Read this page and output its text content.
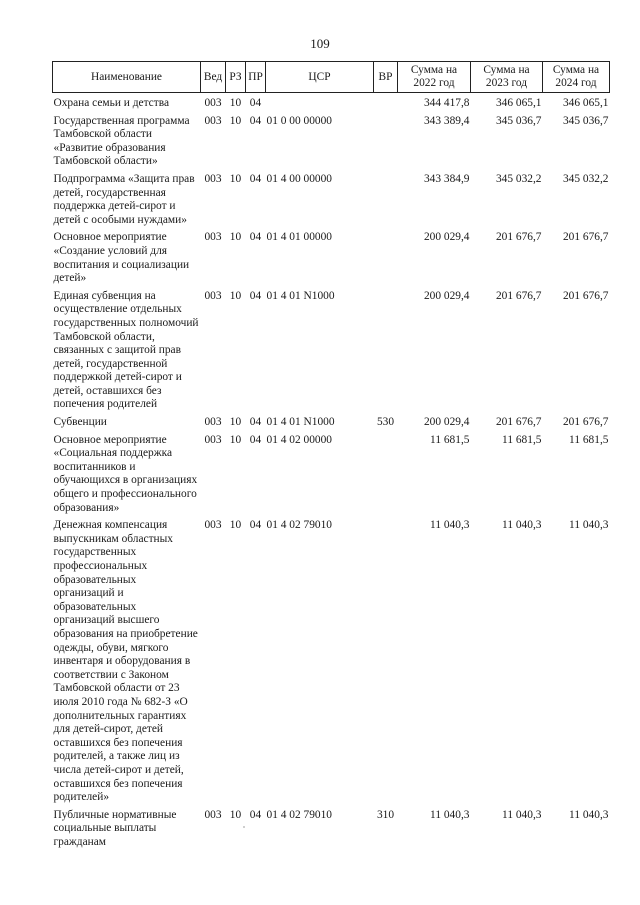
109
Наименование	Вед	РЗ	ПР	ЦСР	ВР	Сумма на 2022 год	Сумма на 2023 год	Сумма на 2024 год
Охрана семьи и детства	003	10	04			344 417,8	346 065,1	346 065,1
Государственная программа Тамбовской области «Развитие образования Тамбовской области»	003	10	04	01 0 00 00000		343 389,4	345 036,7	345 036,7
Подпрограмма «Защита прав детей, государственная поддержка детей-сирот и детей с особыми нуждами»	003	10	04	01 4 00 00000		343 384,9	345 032,2	345 032,2
Основное мероприятие «Создание условий для воспитания и социализации детей»	003	10	04	01 4 01 00000		200 029,4	201 676,7	201 676,7
Единая субвенция на осуществление отдельных государственных полномочий Тамбовской области, связанных с защитой прав детей, государственной поддержкой детей-сирот и детей, оставшихся без попечения родителей	003	10	04	01 4 01 N1000		200 029,4	201 676,7	201 676,7
Субвенции	003	10	04	01 4 01 N1000	530	200 029,4	201 676,7	201 676,7
Основное мероприятие «Социальная поддержка воспитанников и обучающихся в организациях общего и профессионального образования»	003	10	04	01 4 02 00000		11 681,5	11 681,5	11 681,5
Денежная компенсация выпускникам областных государственных профессиональных образовательных организаций и образовательных организаций высшего образования на приобретение одежды, обуви, мягкого инвентаря и оборудования в соответствии с Законом Тамбовской области от 23 июля 2010 года № 682-З «О дополнительных гарантиях для детей-сирот, детей оставшихся без попечения родителей, а также лиц из числа детей-сирот и детей, оставшихся без попечения родителей»	003	10	04	01 4 02 79010		11 040,3	11 040,3	11 040,3
Публичные нормативные социальные выплаты гражданам	003	10	04	01 4 02 79010	310	11 040,3	11 040,3	11 040,3
